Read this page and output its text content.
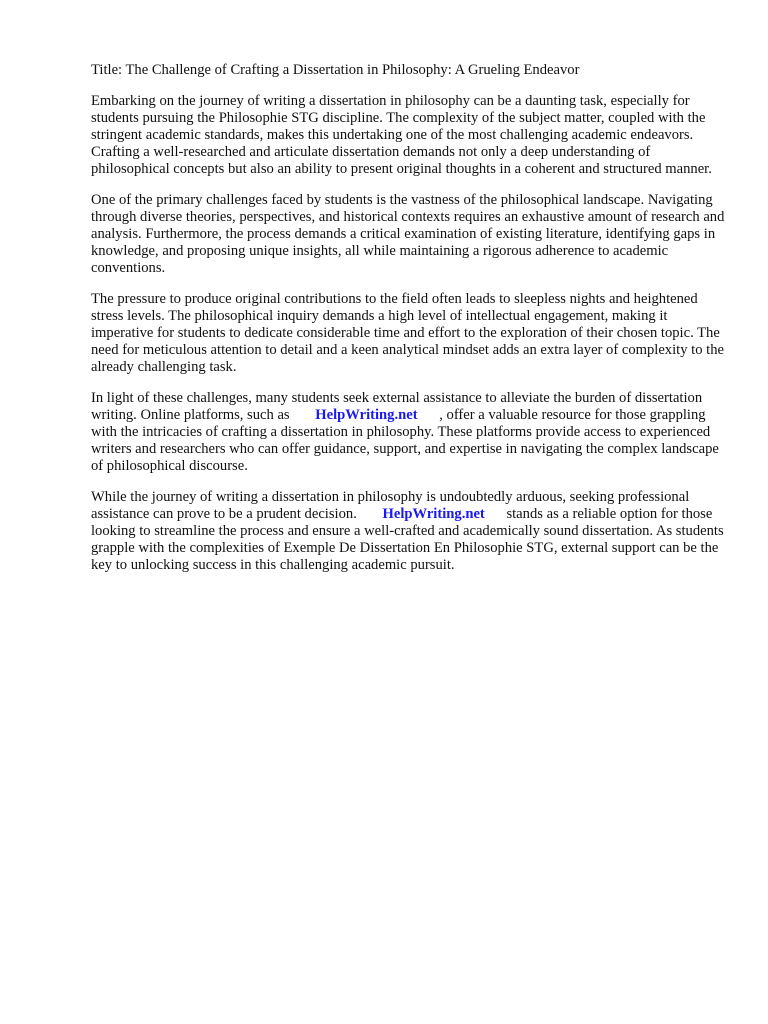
Title: The Challenge of Crafting a Dissertation in Philosophy: A Grueling Endeavor

Embarking on the journey of writing a dissertation in philosophy can be a daunting task, especially for students pursuing the Philosophie STG discipline. The complexity of the subject matter, coupled with the stringent academic standards, makes this undertaking one of the most challenging academic endeavors. Crafting a well-researched and articulate dissertation demands not only a deep understanding of philosophical concepts but also an ability to present original thoughts in a coherent and structured manner.

One of the primary challenges faced by students is the vastness of the philosophical landscape. Navigating through diverse theories, perspectives, and historical contexts requires an exhaustive amount of research and analysis. Furthermore, the process demands a critical examination of existing literature, identifying gaps in knowledge, and proposing unique insights, all while maintaining a rigorous adherence to academic conventions.

The pressure to produce original contributions to the field often leads to sleepless nights and heightened stress levels. The philosophical inquiry demands a high level of intellectual engagement, making it imperative for students to dedicate considerable time and effort to the exploration of their chosen topic. The need for meticulous attention to detail and a keen analytical mindset adds an extra layer of complexity to the already challenging task.

In light of these challenges, many students seek external assistance to alleviate the burden of dissertation writing. Online platforms, such as HelpWriting.net , offer a valuable resource for those grappling with the intricacies of crafting a dissertation in philosophy. These platforms provide access to experienced writers and researchers who can offer guidance, support, and expertise in navigating the complex landscape of philosophical discourse.

While the journey of writing a dissertation in philosophy is undoubtedly arduous, seeking professional assistance can prove to be a prudent decision. HelpWriting.net stands as a reliable option for those looking to streamline the process and ensure a well-crafted and academically sound dissertation. As students grapple with the complexities of Exemple De Dissertation En Philosophie STG, external support can be the key to unlocking success in this challenging academic pursuit.
